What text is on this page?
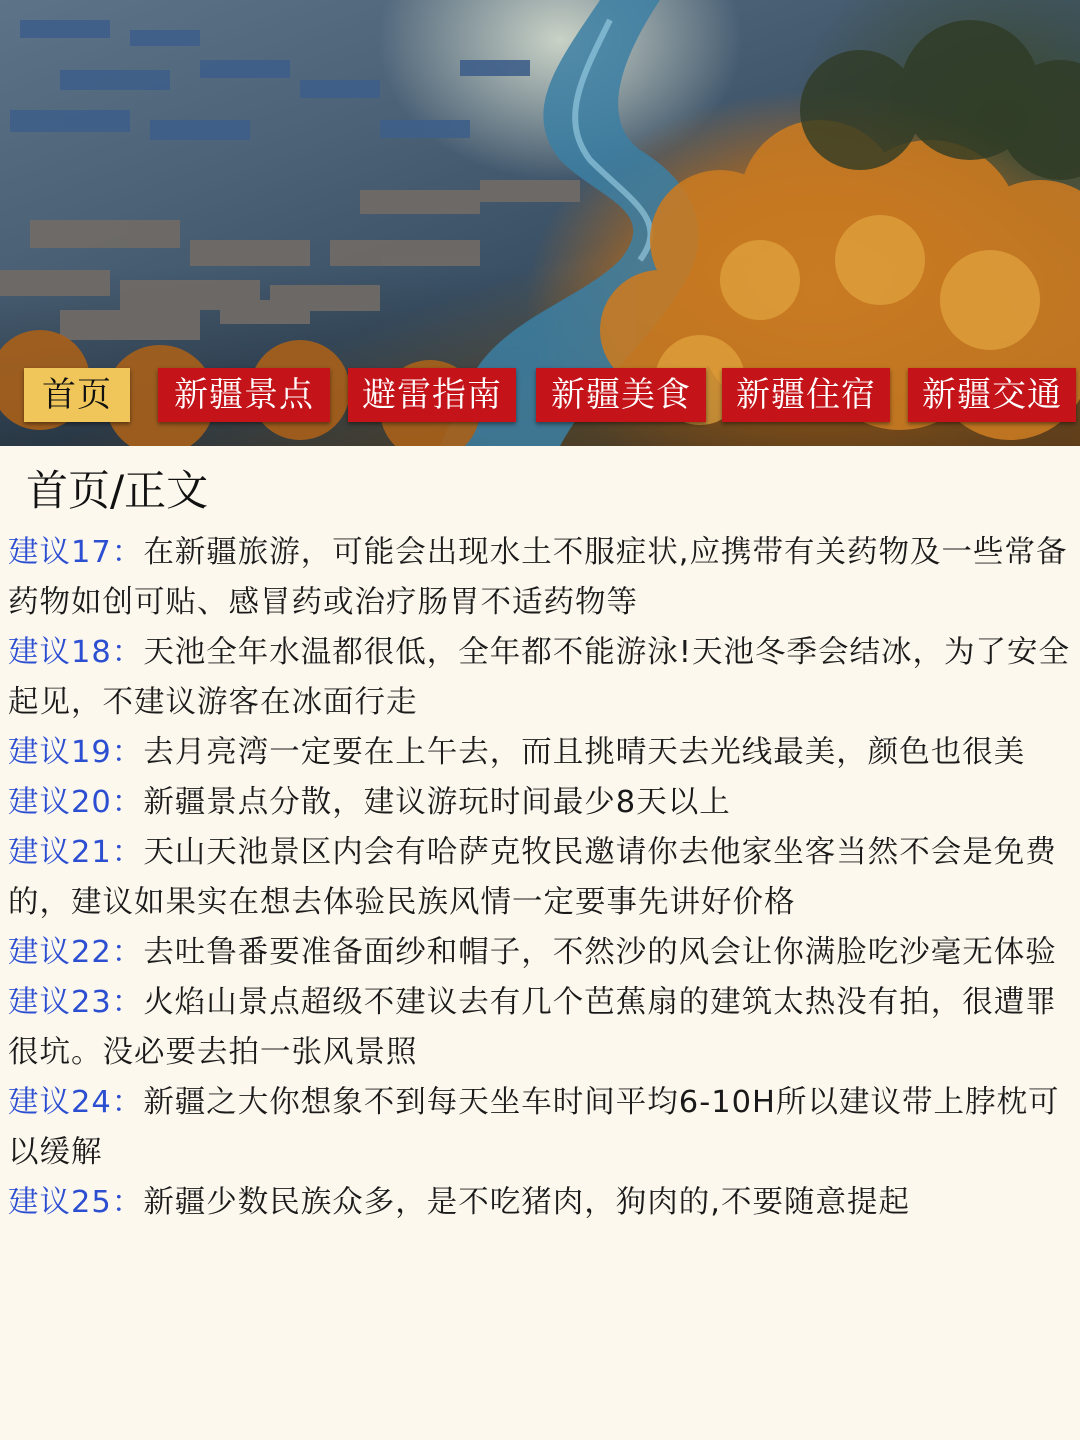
首页	新疆景点	避雷指南	新疆美食	新疆住宿	新疆交通
首页/正文

建议17：在新疆旅游，可能会出现水土不服症状,应携带有关药物及一些常备药物如创可贴、感冒药或治疗肠胃不适药物等

建议18：天池全年水温都很低，全年都不能游泳!天池冬季会结冰，为了安全起见，不建议游客在冰面行走

建议19：去月亮湾一定要在上午去，而且挑晴天去光线最美，颜色也很美

建议20：新疆景点分散，建议游玩时间最少8天以上

建议21：天山天池景区内会有哈萨克牧民邀请你去他家坐客当然不会是免费的，建议如果实在想去体验民族风情一定要事先讲好价格

建议22：去吐鲁番要准备面纱和帽子，不然沙的风会让你满脸吃沙毫无体验

建议23：火焰山景点超级不建议去有几个芭蕉扇的建筑太热没有拍，很遭罪很坑。没必要去拍一张风景照

建议24：新疆之大你想象不到每天坐车时间平均6-10H所以建议带上脖枕可以缓解

建议25：新疆少数民族众多，是不吃猪肉，狗肉的,不要随意提起
